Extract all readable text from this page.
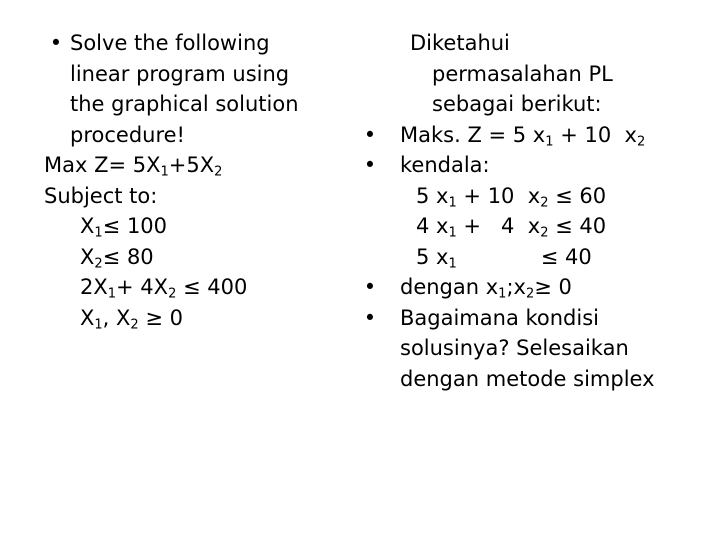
• Solve the following
linear program using
the graphical solution
procedure!
Max $Z= 5X_1+5X_2$
Subject to:
$X_1\le 100$
$X_2\le 80$
$2X_1+ 4X_2 \le 400$
$X_1$, $X_2 \ge 0$
Diketahui
permasalahan PL
sebagai berikut:
• Maks. Z = 5 $x_1 + 10$  $x_2$
• kendala:
5 $x_1 + 10$  $x_2 \le 60$
4 $x_1 + 4$  $x_2 \le 40$
5 $x_1$	≤ 40
• dengan $x_1;x_2\ge 0$
• Bagaimana kondisi
solusinya? Selesaikan
dengan metode simplex
